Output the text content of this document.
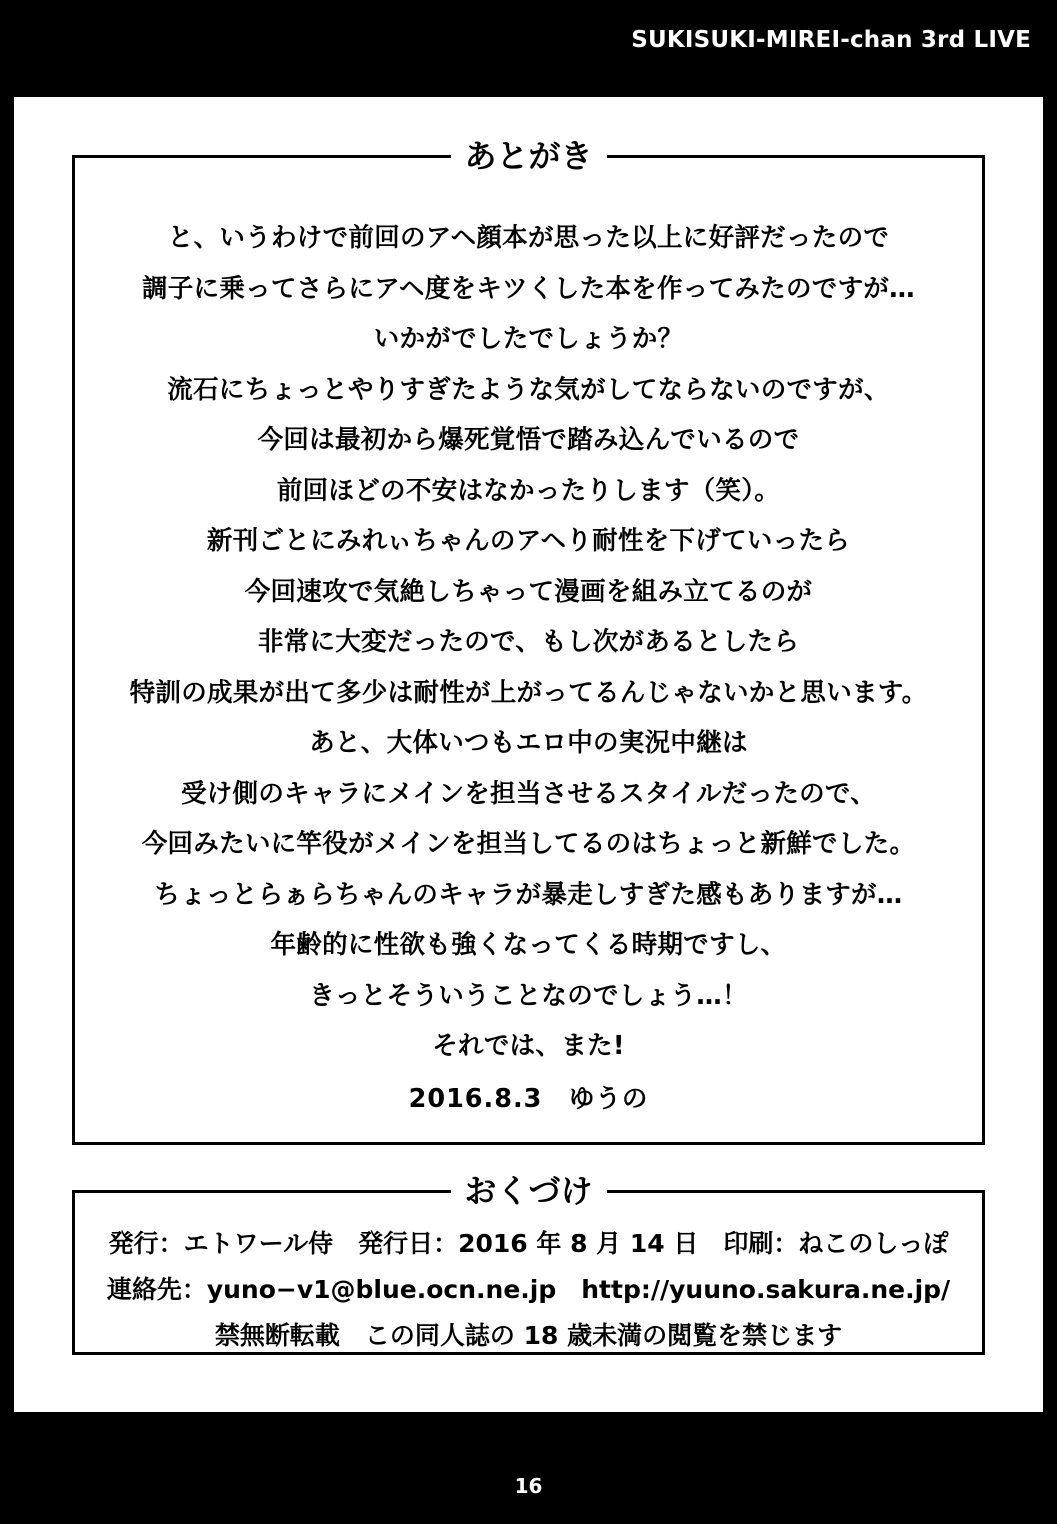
SUKISUKI-MIREI-chan 3rd LIVE
あとがき

と、いうわけで前回のアヘ顔本が思った以上に好評だったので

調子に乗ってさらにアヘ度をキツくした本を作ってみたのですが…

いかがでしたでしょうか？

流石にちょっとやりすぎたような気がしてならないのですが、

今回は最初から爆死覚悟で踏み込んでいるので

前回ほどの不安はなかったりします（笑）。

新刊ごとにみれぃちゃんのアヘり耐性を下げていったら

今回速攻で気絶しちゃって漫画を組み立てるのが

非常に大変だったので、もし次があるとしたら

特訓の成果が出て多少は耐性が上がってるんじゃないかと思います。

あと、大体いつもエロ中の実況中継は

受け側のキャラにメインを担当させるスタイルだったので、

今回みたいに竿役がメインを担当してるのはちょっと新鮮でした。

ちょっとらぁらちゃんのキャラが暴走しすぎた感もありますが…

年齢的に性欲も強くなってくる時期ですし、

きっとそういうことなのでしょう…！

それでは、また!

2016.8.3　ゆうの

おくづけ

発行：エトワール侍　発行日：2016 年 8 月 14 日　印刷：ねこのしっぽ

連絡先：yuno−v1@blue.ocn.ne.jp　http://yuuno.sakura.ne.jp/

禁無断転載　この同人誌の 18 歳未満の閲覧を禁じます

16
